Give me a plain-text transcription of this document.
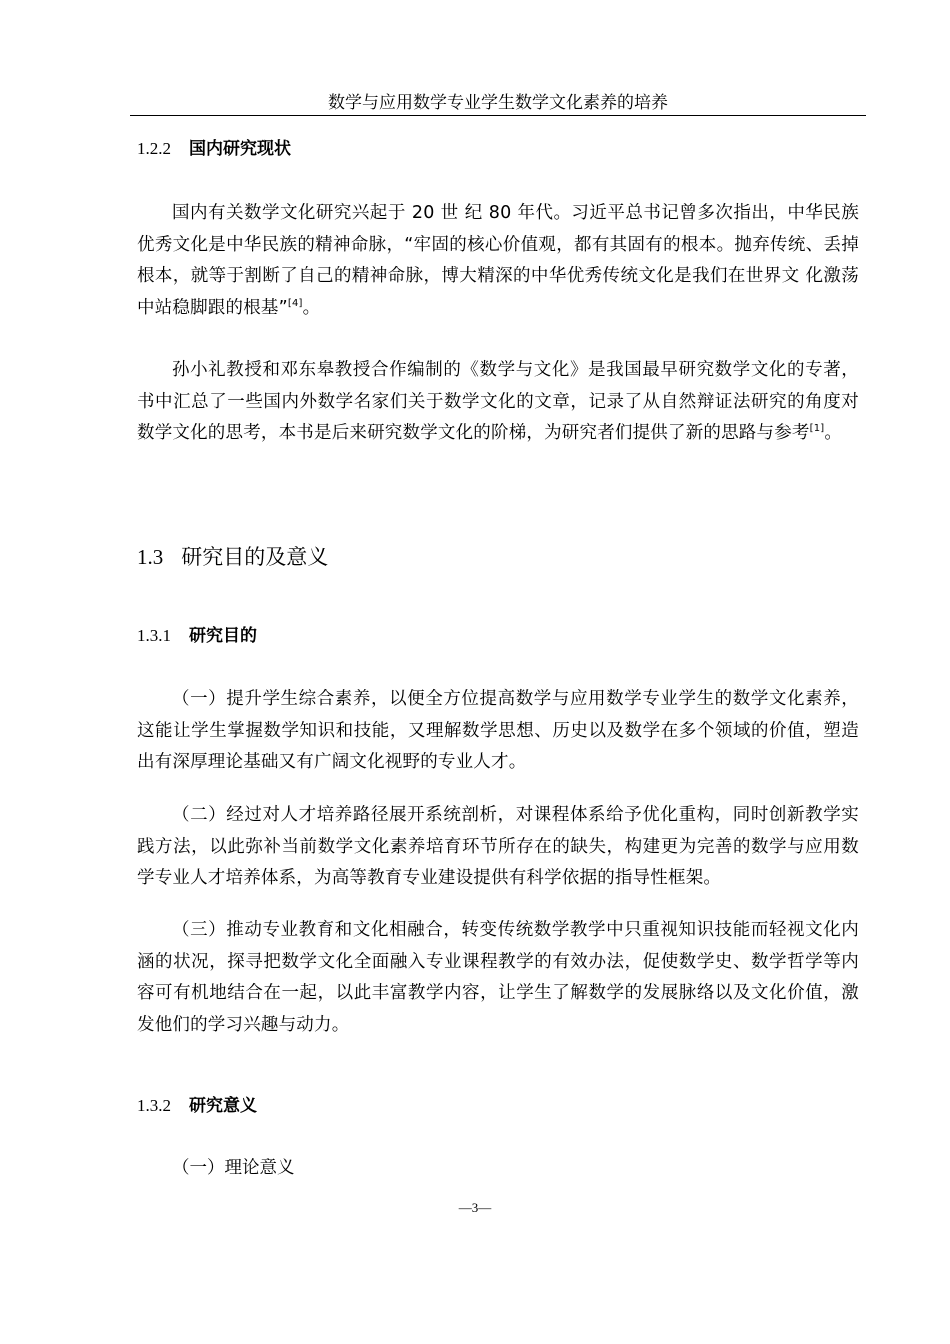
数学与应用数学专业学生数学文化素养的培养
1.2.2 国内研究现状
国内有关数学文化研究兴起于 20 世 纪 80 年代。习近平总书记曾多次指出，中华民族优秀文化是中华民族的精神命脉，“牢固的核心价值观，都有其固有的根本。抛弃传统、丢掉根本，就等于割断了自己的精神命脉，博大精深的中华优秀传统文化是我们在世界文 化激荡中站稳脚跟的根基”[4]。
孙小礼教授和邓东皋教授合作编制的《数学与文化》是我国最早研究数学文化的专著，书中汇总了一些国内外数学名家们关于数学文化的文章，记录了从自然辩证法研究的角度对数学文化的思考，本书是后来研究数学文化的阶梯，为研究者们提供了新的思路与参考[1]。
1.3 研究目的及意义
1.3.1 研究目的
（一）提升学生综合素养，以便全方位提高数学与应用数学专业学生的数学文化素养，这能让学生掌握数学知识和技能，又理解数学思想、历史以及数学在多个领域的价值，塑造出有深厚理论基础又有广阔文化视野的专业人才。
（二）经过对人才培养路径展开系统剖析，对课程体系给予优化重构，同时创新教学实践方法，以此弥补当前数学文化素养培育环节所存在的缺失，构建更为完善的数学与应用数学专业人才培养体系，为高等教育专业建设提供有科学依据的指导性框架。
（三）推动专业教育和文化相融合，转变传统数学教学中只重视知识技能而轻视文化内涵的状况，探寻把数学文化全面融入专业课程教学的有效办法，促使数学史、数学哲学等内容可有机地结合在一起，以此丰富教学内容，让学生了解数学的发展脉络以及文化价值，激发他们的学习兴趣与动力。
1.3.2 研究意义
（一）理论意义
—3—
